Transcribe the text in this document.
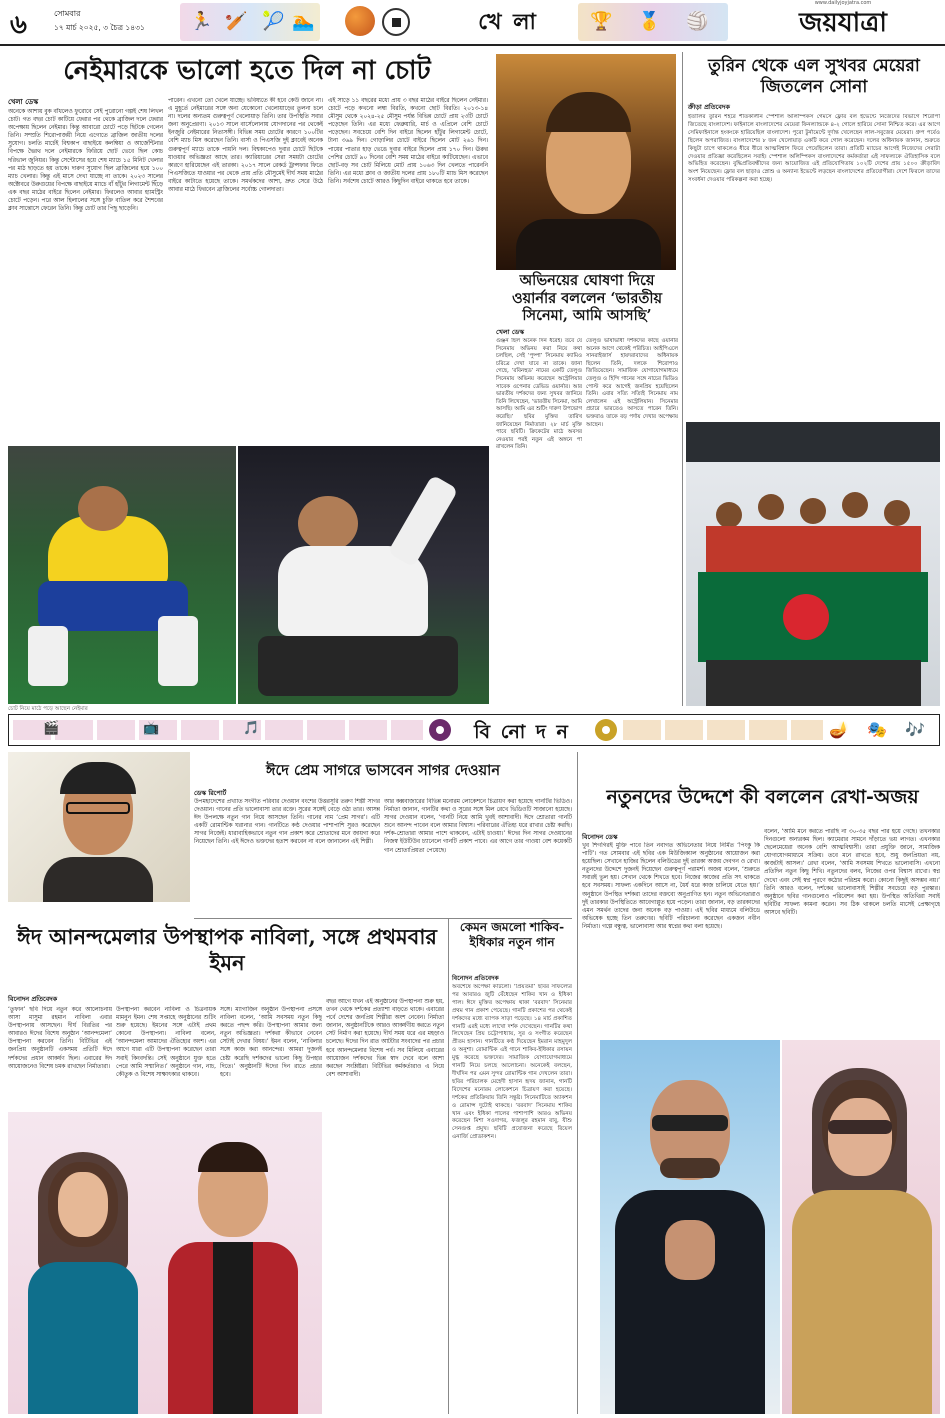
৬	সোমবার
১৭ মার্চ ২০২৫, ৩ চৈত্র ১৪৩১	🏃 🏏 🎾 🏊	খে লা	🏆 🥇 🏐	জয়যাত্রা
www.dailyjoyjatra.com
নেইমারকে ভালো হতে দিল না চোট
খেলা ডেস্ক
অনেকে আশায় বুক বাঁধলেও ফুরোবে সেই পুরোনো গল্পই শেষ লিখল চোট। গত বছর চোট কাটিয়ে ফেরার পর থেকে ব্রাজিল দলে ফেরার অপেক্ষায় ছিলেন নেইমার। কিন্তু আবারো চোটে পড়ে ছিটকে গেলেন তিনি। সম্প্রতি শিরোপাজয়ী নিয়ে এগোতে ব্রাজিল জাতীয় দলের সুযোগ। চলতি মার্চেই বিশ্বকাপ বাছাইয়ে কলম্বিয়া ও আর্জেন্টিনার বিপক্ষে দ্বৈরথ দলে নেইমারকে ফিরিয়ে ছোট ভেবে ছিল কোচ দরিভাল জুনিয়র। কিন্তু সেন্টোসের হয়ে শেষ ম্যাচে ১৫ মিনিট খেলার পর মাঠ ছাড়তে হয় তাকে। দারুণ সুযোগ ছিল ব্রাজিলের হয়ে ১০০ ম্যাচ খেলার। কিন্তু এই মাসে দেখা যাচ্ছে না তাকে। ২০২৩ সালের অক্টোবরে উরুগুয়ের বিপক্ষে বাছাইয়ে ম্যাচে বাঁ হাঁটুর লিগামেন্ট ছিঁড়ে এক বছর মাঠের বাইরে ছিলেন নেইমার। ফিরলেও আবার হ্যামস্ট্রিং চোটে পড়েন। পরে আল হিলালের সঙ্গে চুক্তি বাতিল করে শৈশবের ক্লাব সান্তোসে ফেরেন তিনি। কিন্তু চোট তার পিছু ছাড়েনি।
পারেন। এখনো তো খেলে যাচ্ছে। ভবিষ্যতে কী হবে কেউ জানে না। এ মুহূর্তে নেইমারের সঙ্গে অন্য যেকোনো খেলোয়াড়ের তুলনা চলে না। দলের অন্যতম গুরুত্বপূর্ণ খেলোয়াড় তিনি। তার উপস্থিতি সবার জন্য অনুপ্রেরণা। ২০১৩ সালে বার্সেলোনায় যোগদানের পর থেকেই ইনজুরি নেইমারের নিত্যসঙ্গী। বিভিন্ন সময় চোটের কারণে ১০০টির বেশি ম্যাচ মিস করেছেন তিনি। বার্সা ও পিএসজি দুই ক্লাবেই অনেক গুরুত্বপূর্ণ ম্যাচে তাকে পায়নি দল। বিশ্বকাপেও দুবার চোটে ছিটকে যাওয়ার অভিজ্ঞতা আছে তার। ক্যারিয়ারের সেরা সময়টা চোটের কারণে হারিয়েছেন এই তারকা। ২০১৭ সালে রেকর্ড ট্রান্সফার ফিতে পিএসজিতে যাওয়ার পর থেকে প্রায় প্রতি মৌসুমেই দীর্ঘ সময় মাঠের বাইরে কাটাতে হয়েছে তাকে। সমর্থকদের আশা, দ্রুত সেরে উঠে আবার মাঠে ফিরবেন ব্রাজিলের সর্বোচ্চ গোলদাতা।
এই সাড়ে ১১ বছরের মধ্যে প্রায় ৩ বছর মাঠের বাইরে ছিলেন নেইমার। চোটে পড়ে কখনো লম্বা বিরতি, কখনো ছোট বিরতি। ২০১৩-১৪ মৌসুম থেকে ২০২৪-২৫ মৌসুম পর্যন্ত বিভিন্ন চোটে প্রায় ২৩টি চোটে পড়েছেন তিনি। এর মধ্যে ফেব্রুয়ারি, মার্চ ও এপ্রিলে বেশি চোটে পড়েছেন। সবচেয়ে বেশি দিন বাইরে ছিলেন হাঁটুর লিগামেন্ট চোটে, টানা ৩৬৯ দিন। গোড়ালির চোটে বাইরে ছিলেন মোট ২৬১ দিন। পায়ের পাতার হাড় ভেঙে দুবার বাইরে ছিলেন প্রায় ১৭০ দিন। ঊরুর পেশির চোটে ৯০ দিনের বেশি সময় মাঠের বাইরে কাটিয়েছেন। এভাবে ছোট-বড় সব চোট মিলিয়ে মোট প্রায় ১০৬৩ দিন খেলতে পারেননি তিনি। এর মধ্যে ক্লাব ও জাতীয় দলের প্রায় ১৮০টি ম্যাচ মিস করেছেন তিনি। সর্বশেষ চোটে আরও কিছুদিন বাইরে থাকতে হবে তাকে।
চোট নিয়ে মাঠে পড়ে আছেন নেইমার
অভিনয়ের ঘোষণা দিয়ে ওয়ার্নার বললেন ‘ভারতীয় সিনেমা, আমি আসছি’
খেলা ডেস্ক
গুঞ্জন ছিল অনেক দিন ধরেই। তবে যে সিনেমায় অভিনয় করা নিয়ে কথা চলছিল, সেই ‘পুষ্পা’ সিনেমায় ক্যামিও চরিত্রে দেখা যাবে না তাকে। জানা গেছে, ‘রবিনহুড’ নামের একটি তেলুগু সিনেমায় অভিনয় করেছেন অস্ট্রেলিয়ার সাবেক ওপেনার ডেভিড ওয়ার্নার। আর ভারতীয় দর্শকদের জন্য সুখবর জানিয়ে তিনি লিখেছেন, ‘ভারতীয় সিনেমা, আমি আসছি। আমি এর শুটিং দারুণ উপভোগ করেছি।’ ছবির মুক্তির তারিখ জানিয়েছেন নির্মাতারা। ২৮ মার্চ মুক্তি পাবে ছবিটি। ক্রিকেটের মাঠে অবসর নেওয়ার পরই নতুন এই অঙ্গনে পা রাখলেন তিনি।
তেলুগু ভাষাভাষী দর্শকদের কাছে ওয়ার্নার অনেক আগে থেকেই পরিচিত। আইপিএলে সানরাইজার্স হায়দরাবাদের অধিনায়ক ছিলেন তিনি, দলকে শিরোপাও জিতিয়েছেন। সামাজিক যোগাযোগমাধ্যমে তেলুগু ও হিন্দি গানের সঙ্গে নাচের ভিডিও পোস্ট করে আগেই জনপ্রিয় হয়েছিলেন তিনি। এবার সত্যি সত্যিই সিনেমায় নাম লেখালেন এই অস্ট্রেলিয়ান। সিনেমার প্রচারে ভারতেও আসতে পারেন তিনি। ভক্তরাও তাকে বড় পর্দায় দেখার অপেক্ষায় আছেন।
তুরিন থেকে এল সুখবর মেয়েরা জিতলেন সোনা
ক্রীড়া প্রতিবেদক
ইতালির তুরিন শহরে শীতকালীন স্পেশাল অলিম্পিকস গেমসে ফ্লোর বল ইভেন্টে নিজেদের বিভাগে শিরোপা জিতেছে বাংলাদেশ। ফাইনালে বাংলাদেশের মেয়েরা ফিনল্যান্ডকে ৪-২ গোলে হারিয়ে সোনা নিশ্চিত করে। এর আগে সেমিফাইনালে হংকংকে হারিয়েছিল বাংলাদেশ। পুরো টুর্নামেন্টে দুর্দান্ত খেলেছেন লাল-সবুজের মেয়েরা। গ্রুপ পর্বেও ছিলেন অপরাজিত। বাংলাদেশের ৮ জন খেলোয়াড় একটি করে গোল করেছেন। দলের অধিনায়ক জানান, শুরুতে কিছুটা চাপে থাকলেও ধীরে ধীরে আত্মবিশ্বাস ফিরে পেয়েছিলেন তারা। প্রতিটি ম্যাচের আগেই নিজেদের সেরাটা দেওয়ার প্রতিজ্ঞা করেছিলেন সবাই। স্পেশাল অলিম্পিকস বাংলাদেশের কর্মকর্তারা এই সাফল্যকে ঐতিহাসিক বলে অভিহিত করেছেন। বুদ্ধিপ্রতিবন্ধীদের জন্য আয়োজিত এই প্রতিযোগিতায় ১০২টি দেশের প্রায় ১৫০০ ক্রীড়াবিদ অংশ নিয়েছেন। ফ্লোর বল ছাড়াও স্নোশু ও অন্যান্য ইভেন্টে লড়ছেন বাংলাদেশের প্রতিযোগীরা। দেশে ফিরলে তাদের সংবর্ধনা দেওয়ার পরিকল্পনা করা হচ্ছে।
🎬	📺	🎵	বি নো দ ন	🪔 🎭 🎶
ঈদে প্রেম সাগরে ভাসবেন সাগর দেওয়ান
ডেস্ক রিপোর্ট
উপমহাদেশের প্রখ্যাত সংগীত পরিবার দেওয়ান বংশের উত্তরসূরি তরুণ শিল্পী সাগর দেওয়ান। গানের প্রতি ভালোবাসা তার রক্তে। সুরের সঙ্গেই বেড়ে ওঠা তার। আসন্ন ঈদ উপলক্ষে নতুন গান নিয়ে আসছেন তিনি। গানের নাম ‘প্রেম সাগর’। এটি একটি রোমান্টিক ঘরানার গান। গানটিতে কণ্ঠ দেওয়ার পাশাপাশি সুরও করেছেন সাগর নিজেই। ধারাবাহিকভাবে নতুন গান প্রকাশ করে শ্রোতাদের মনে জায়গা করে নিয়েছেন তিনি। এই ঈদেও ভক্তদের হতাশ করবেন না বলে জানালেন এই শিল্পী।
আর কক্সবাজারের বিভিন্ন মনোরম লোকেশনে চিত্রায়ণ করা হয়েছে গানটির ভিডিও। নির্মাতা জানান, গানটির কথা ও সুরের সঙ্গে মিল রেখে ভিডিওটি সাজানো হয়েছে। সাগর দেওয়ান বলেন, ‘গানটি নিয়ে আমি খুবই আশাবাদী। ঈদে শ্রোতারা গানটি শুনে আনন্দ পাবেন বলে আমার বিশ্বাস। পরিবারের ঐতিহ্য ধরে রাখার চেষ্টা করছি। দর্শক-শ্রোতারা আমার পাশে থাকবেন, এটাই চাওয়া।’ ঈদের দিন সাগর দেওয়ানের নিজস্ব ইউটিউব চ্যানেলে গানটি প্রকাশ পাবে। এর আগে তার গাওয়া বেশ কয়েকটি গান শ্রোতাপ্রিয়তা পেয়েছে।
ঈদ আনন্দমেলার উপস্থাপক নাবিলা, সঙ্গে প্রথমবার ইমন
বিনোদন প্রতিবেদক
‘তুফান’ ছবি দিয়ে নতুন করে আলোচনায় আসা মাসুমা রহমান নাবিলা এবার উপস্থাপনায় আসছেন। দীর্ঘ বিরতির পর আবারও ঈদের বিশেষ অনুষ্ঠান ‘আনন্দমেলা’ উপস্থাপনা করবেন তিনি। বিটিভির এই জনপ্রিয় অনুষ্ঠানটি একসময় প্রতিটি ঈদে দর্শকদের প্রধান আকর্ষণ ছিল। এবারের ঈদ আয়োজনেও বিশেষ চমক রাখছেন নির্মাতারা।
উপস্থাপনা করবেন নাবিলা ও চিত্রনায়ক মামনুন ইমন। শেষ সপ্তাহে অনুষ্ঠানের শুটিং শুরু হয়েছে। ইমনের সঙ্গে এটাই প্রথম কোনো উপস্থাপনা। নাবিলা বলেন, ‘আনন্দমেলা আমাদের ঐতিহ্যের অংশ। এর আগে যারা এটি উপস্থাপনা করেছেন তারা সবাই কিংবদন্তি। সেই অনুষ্ঠানে যুক্ত হতে পেরে আমি সম্মানিত।’ অনুষ্ঠানে গান, নাচ, কৌতুক ও বিশেষ সাক্ষাৎকার থাকবে।
সঙ্গে। ম্যাগাজিন অনুষ্ঠান উপস্থাপনা প্রসঙ্গে নাবিলা বলেন, ‘আমি সবসময় নতুন কিছু করতে পছন্দ করি। উপস্থাপনা আমার জন্য নতুন অভিজ্ঞতা। দর্শকরা কীভাবে নেবেন সেটাই দেখার বিষয়।’ ইমন বলেন, ‘নাবিলার সঙ্গে কাজ করা আনন্দের। আমরা দুজনই চেষ্টা করেছি দর্শকদের ভালো কিছু উপহার দিতে।’ অনুষ্ঠানটি ঈদের দিন রাতে প্রচার হবে।
বছর আগে যখন এই অনুষ্ঠানের উপস্থাপনা শুরু হয়, তখন থেকে দর্শকের প্রত্যাশা বাড়তে থাকে। এবারের পর্বে দেশের জনপ্রিয় শিল্পীরা অংশ নেবেন। নির্মাতা জানান, অনুষ্ঠানটিকে আরও আকর্ষণীয় করতে নতুন সেট নির্মাণ করা হয়েছে। দীর্ঘ সময় ধরে এর মহড়াও চলেছে। ঈদের দিন রাত আটটার সংবাদের পর প্রচার হবে আনন্দমেলার বিশেষ পর্ব। সব মিলিয়ে এবারের আয়োজন দর্শকদের ভিন্ন স্বাদ দেবে বলে আশা করছেন সংশ্লিষ্টরা। বিটিভির কর্মকর্তারাও এ নিয়ে বেশ আশাবাদী।
কেমন জমলো শাকিব-ইধিকার নতুন গান
বিনোদন প্রতিবেদক
অবশেষে অপেক্ষা কাটলো। ‘প্রিয়তমা’ ছবির সাফল্যের পর আবারও জুটি বেঁধেছেন শাকিব খান ও ইধিকা পাল। ঈদে মুক্তির অপেক্ষায় থাকা ‘বরবাদ’ সিনেমার প্রথম গান প্রকাশ পেয়েছে। গানটি প্রকাশের পর থেকেই দর্শকদের মধ্যে ব্যাপক সাড়া পড়েছে। ১৪ মার্চ প্রকাশিত গানটি এরই মধ্যে লাখো দর্শক দেখেছেন। গানটির কথা লিখেছেন প্রিয় চট্টোপাধ্যায়, সুর ও সংগীত করেছেন প্রীতম হাসান। গানটিতে কণ্ঠ দিয়েছেন ইমরান মাহমুদুল ও অনুশা। রোমান্টিক এই গানে শাকিব-ইধিকার রসায়ন মুগ্ধ করেছে ভক্তদের। সামাজিক যোগাযোগমাধ্যমে গানটি নিয়ে চলছে আলোচনা। অনেকেই বলছেন, দীর্ঘদিন পর এমন সুন্দর রোমান্টিক গান দেখলেন তারা। ছবির পরিচালক মেহেদী হাসান হৃদয় জানান, গানটি বিদেশের মনোরম লোকেশনে চিত্রায়ণ করা হয়েছে। দর্শকের প্রতিক্রিয়ায় তিনি সন্তুষ্ট। সিনেমাটিতে অ্যাকশন ও রোমান্স দুটোই থাকছে। ‘বরবাদ’ সিনেমায় শাকিব খান এবং ইধিকা পালের পাশাপাশি আরও অভিনয় করেছেন মিশা সওদাগর, ফজলুর রহমান বাবু, যীশু সেনগুপ্ত প্রমুখ। ছবিটি প্রযোজনা করেছে রিয়েল এনার্জি প্রোডাকশন।
নতুনদের উদ্দেশে কী বললেন রেখা-অজয়
বিনোদন ডেস্ক
খুব শিগগিরই মুক্তি পাবে তিন নবাগত অভিনেতার নিয়ে নির্মিত ‘পিংকু কি পাটি’। গত সোমবার এই ছবির এক মিউজিক্যাল অনুষ্ঠানের আয়োজন করা হয়েছিল। সেখানে হাজির ছিলেন বলিউডের দুই তারকা অজয় দেবগন ও রেখা। নতুনদের উদ্দেশে দুজনই দিয়েছেন গুরুত্বপূর্ণ পরামর্শ। অজয় বলেন, ‘শুরুতে সবারই ভুল হয়। সেখান থেকে শিখতে হবে। নিজের কাজের প্রতি সৎ থাকতে হবে সবসময়। সাফল্য একদিনে আসে না, ধৈর্য ধরে কাজ চালিয়ে যেতে হয়।’ অনুষ্ঠানে উপস্থিত দর্শকরা তাদের বক্তব্যে অনুপ্রাণিত হন। নতুন অভিনেতারাও দুই তারকার উপস্থিতিতে আবেগাপ্লুত হয়ে পড়েন। তারা জানান, বড় তারকাদের এমন সমর্থন তাদের জন্য অনেক বড় পাওয়া। এই ছবির মাধ্যমে বলিউডে অভিষেক হচ্ছে তিন তরুণের। ছবিটি পরিচালনা করেছেন একজন নবীন নির্মাতা। গল্পে বন্ধুত্ব, ভালোবাসা আর স্বপ্নের কথা বলা হয়েছে।
বলেন, ‘আমি মনে করতে পারছি না ৩০-৩৫ বছর পার হয়ে গেছে। তখনকার দিনগুলো অন্যরকম ছিল। ক্যামেরার সামনে দাঁড়াতে ভয় লাগত। এখনকার ছেলেমেয়েরা অনেক বেশি আত্মবিশ্বাসী। তারা প্রযুক্তি জানে, সামাজিক যোগাযোগমাধ্যমে সক্রিয়। তবে মনে রাখতে হবে, শুধু জনপ্রিয়তা নয়, কাজটাই আসল।’ রেখা বলেন, ‘আমি সবসময় শিখতে ভালোবাসি। এখনো প্রতিদিন নতুন কিছু শিখি। নতুনদের বলব, নিজের ওপর বিশ্বাস রাখো। স্বপ্ন দেখো এবং সেই স্বপ্ন পূরণে কঠোর পরিশ্রম করো। কোনো কিছুই অসম্ভব নয়।’ তিনি আরও বলেন, দর্শকের ভালোবাসাই শিল্পীর সবচেয়ে বড় পুরস্কার। অনুষ্ঠানে ছবির গানগুলোও পরিবেশন করা হয়। উপস্থিত অতিথিরা সবাই ছবিটির সাফল্য কামনা করেন। সব ঠিক থাকলে চলতি মাসেই প্রেক্ষাগৃহে আসবে ছবিটি।
